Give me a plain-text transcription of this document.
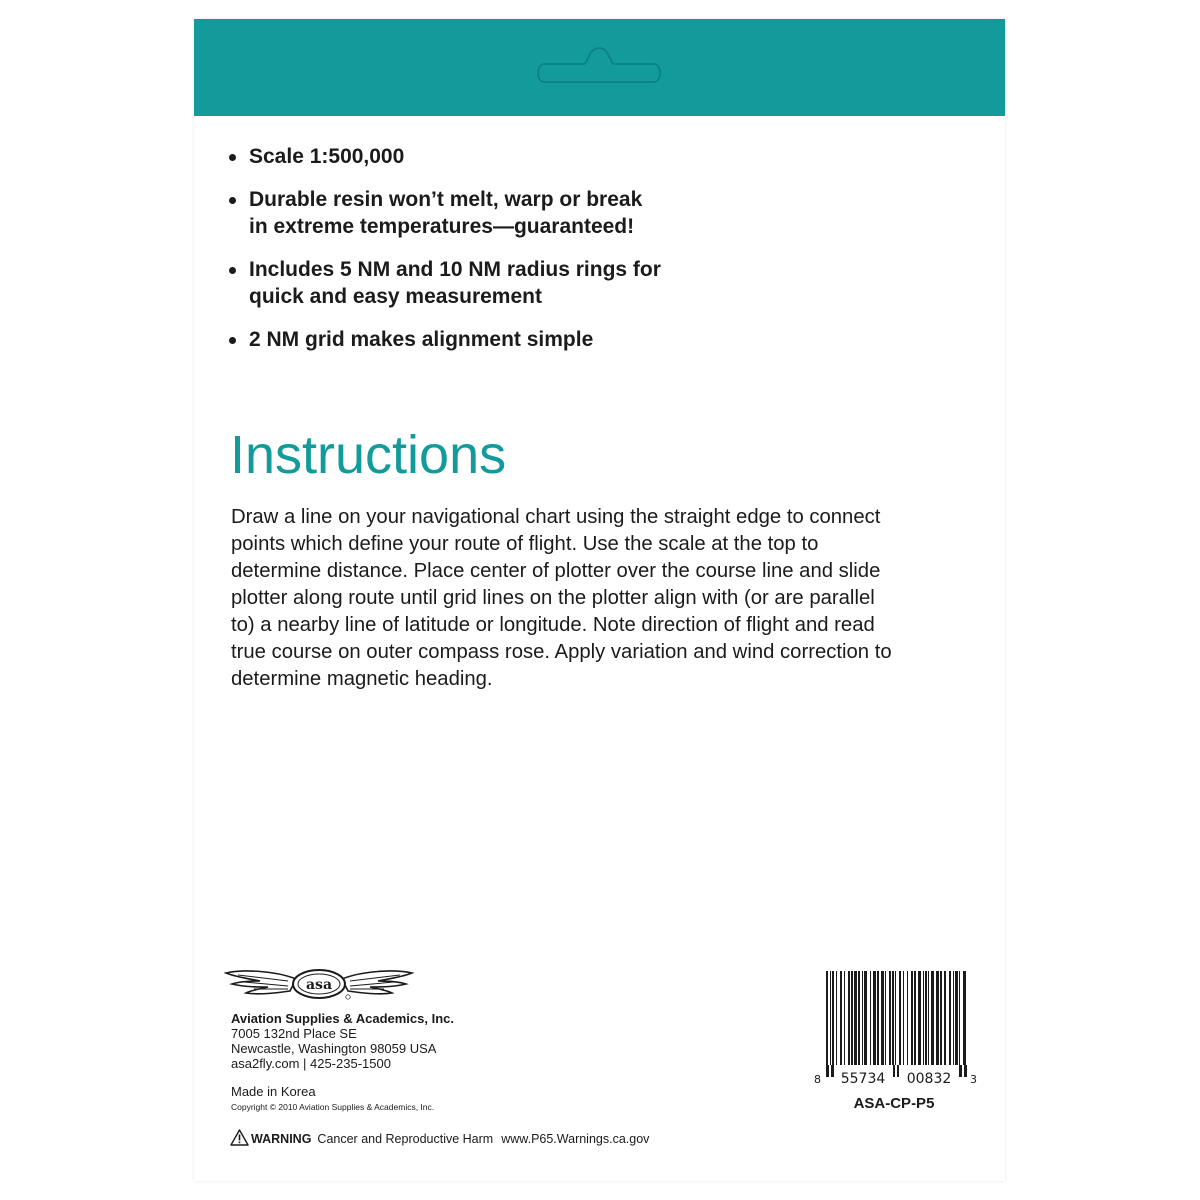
Scale 1:500,000
Durable resin won’t melt, warp or break
in extreme temperatures—guaranteed!
Includes 5 NM and 10 NM radius rings for
quick and easy measurement
2 NM grid makes alignment simple
Instructions

Draw a line on your navigational chart using the straight edge to connect
points which define your route of flight. Use the scale at the top to
determine distance. Place center of plotter over the course line and slide
plotter along route until grid lines on the plotter align with (or are parallel
to) a nearby line of latitude or longitude. Note direction of flight and read
true course on outer compass rose. Apply variation and wind correction to
determine magnetic heading.

asa
Aviation Supplies & Academics, Inc.
7005 132nd Place SE
Newcastle, Washington 98059 USA
asa2fly.com | 425-235-1500
Made in Korea
Copyright © 2010 Aviation Supplies & Academics, Inc.
WARNING Cancer and Reproductive Harm www.P65.Warnings.ca.gov
8 55734 00832 3
ASA-CP-P5
